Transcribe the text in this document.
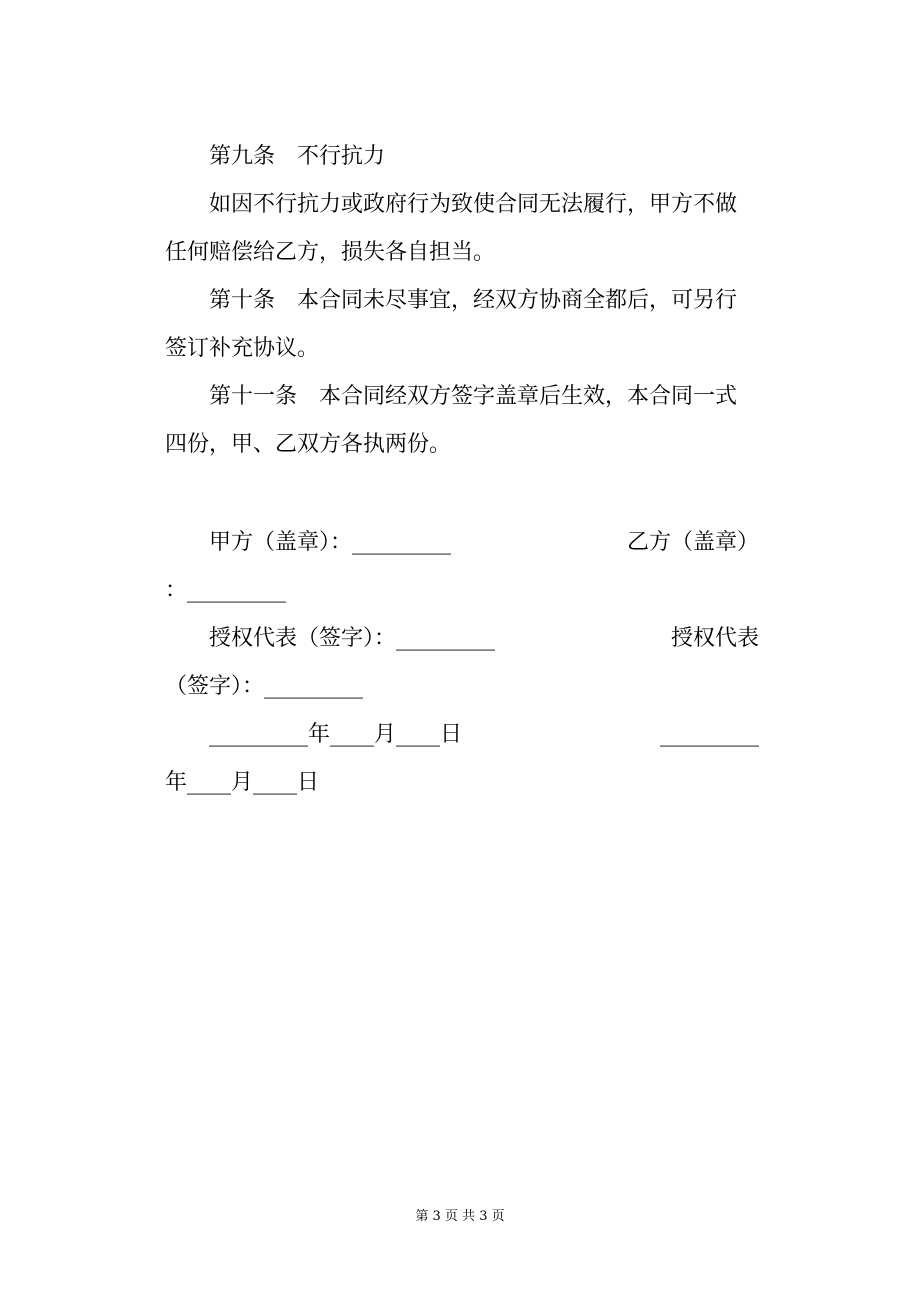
　　第九条　不行抗力
　　如因不行抗力或政府行为致使合同无法履行，甲方不做
任何赔偿给乙方，损失各自担当。
　　第十条　本合同未尽事宜，经双方协商全都后，可另行
签订补充协议。
　　第十一条　本合同经双方签字盖章后生效，本合同一式
四份，甲、乙双方各执两份。
　　甲方（盖章）：_________　　　　　　　　乙方（盖章）
：_________
　　授权代表（签字）：_________　　　　　　　　授权代表
（签字）：_________
　　_________年____月____日　　　　　　　　　_________
年____月____日
第 3 页 共 3 页
